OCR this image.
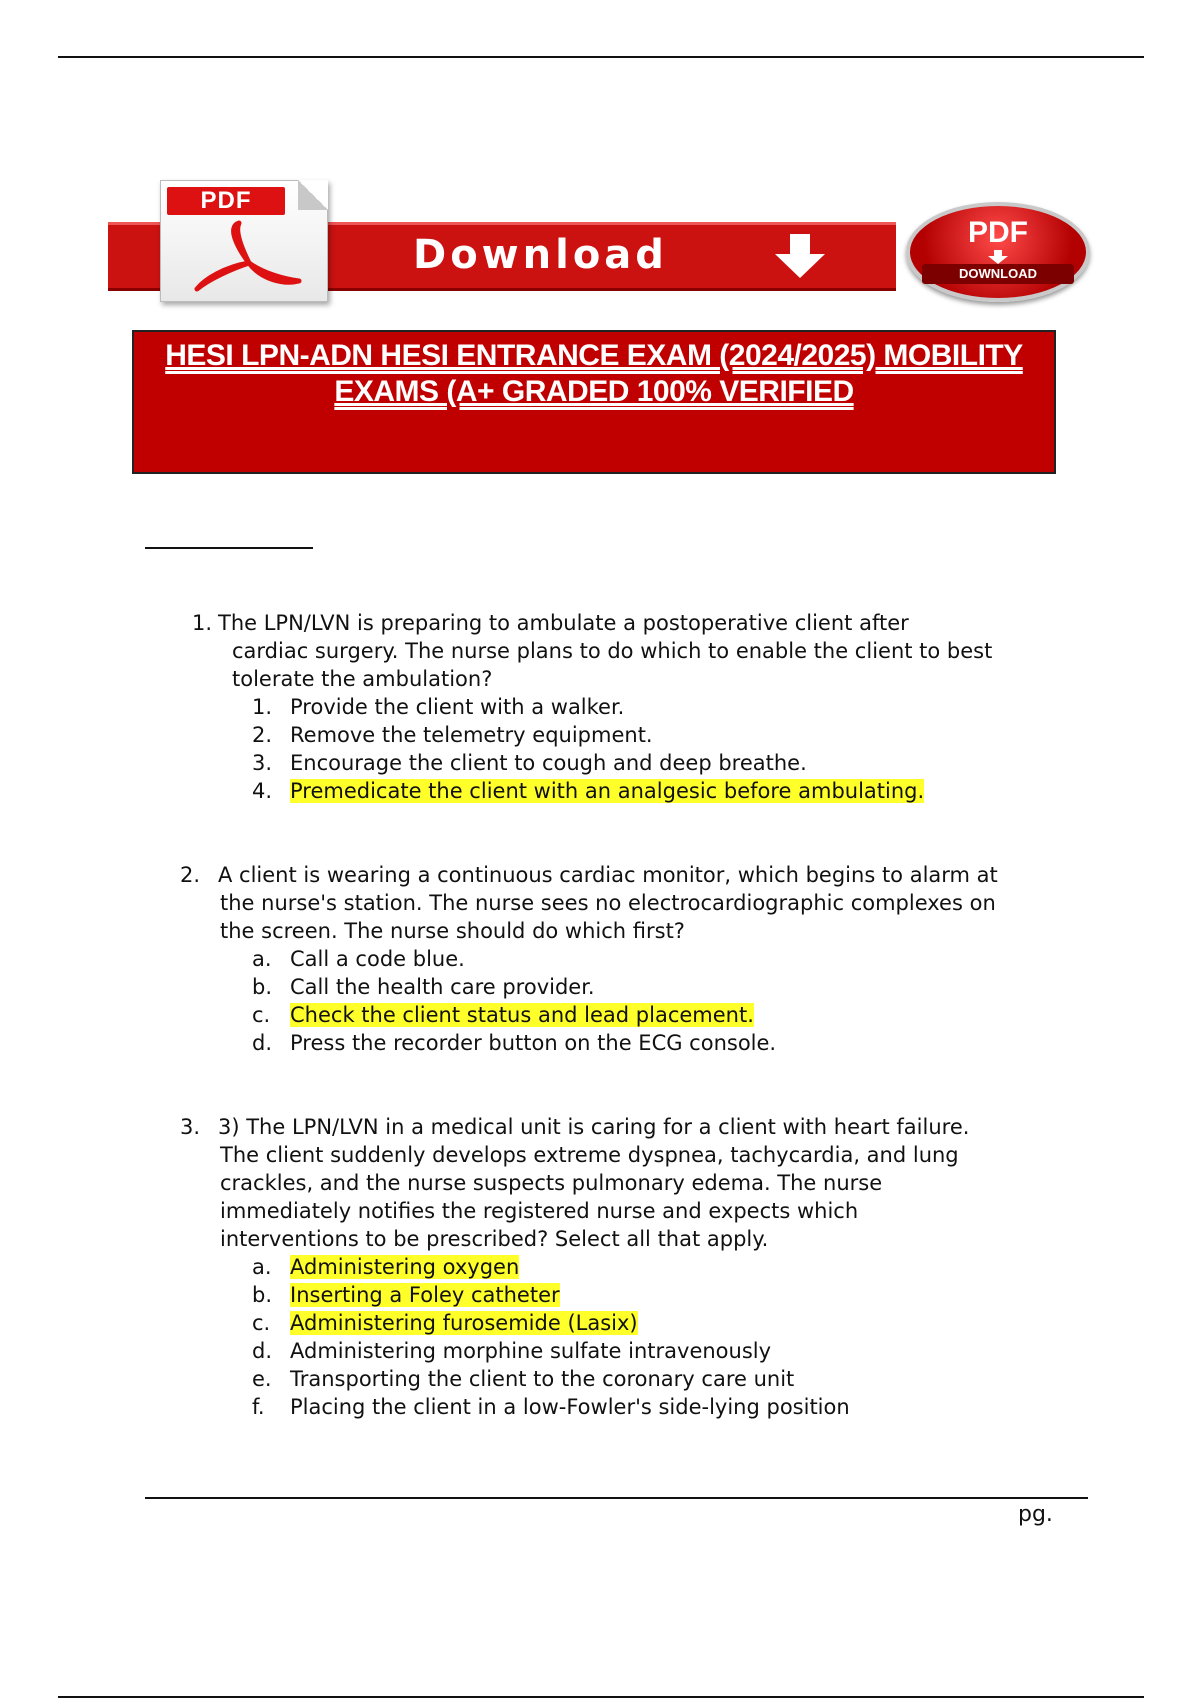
PDF
Download	PDF
DOWNLOAD
HESI LPN-ADN HESI ENTRANCE EXAM (2024/2025) MOBILITY
EXAMS (A+ GRADED 100% VERIFIED
1. The LPN/LVN is preparing to ambulate a postoperative client after
cardiac surgery. The nurse plans to do which to enable the client to best
tolerate the ambulation?
1. Provide the client with a walker.
2. Remove the telemetry equipment.
3. Encourage the client to cough and deep breathe.
4. Premedicate the client with an analgesic before ambulating.
2. A client is wearing a continuous cardiac monitor, which begins to alarm at
the nurse's station. The nurse sees no electrocardiographic complexes on
the screen. The nurse should do which first?
a. Call a code blue.
b. Call the health care provider.
c. Check the client status and lead placement.
d. Press the recorder button on the ECG console.
3. 3) The LPN/LVN in a medical unit is caring for a client with heart failure.
The client suddenly develops extreme dyspnea, tachycardia, and lung
crackles, and the nurse suspects pulmonary edema. The nurse
immediately notifies the registered nurse and expects which
interventions to be prescribed? Select all that apply.
a. Administering oxygen
b. Inserting a Foley catheter
c. Administering furosemide (Lasix)
d. Administering morphine sulfate intravenously
e. Transporting the client to the coronary care unit
f. Placing the client in a low-Fowler's side-lying position
pg.
